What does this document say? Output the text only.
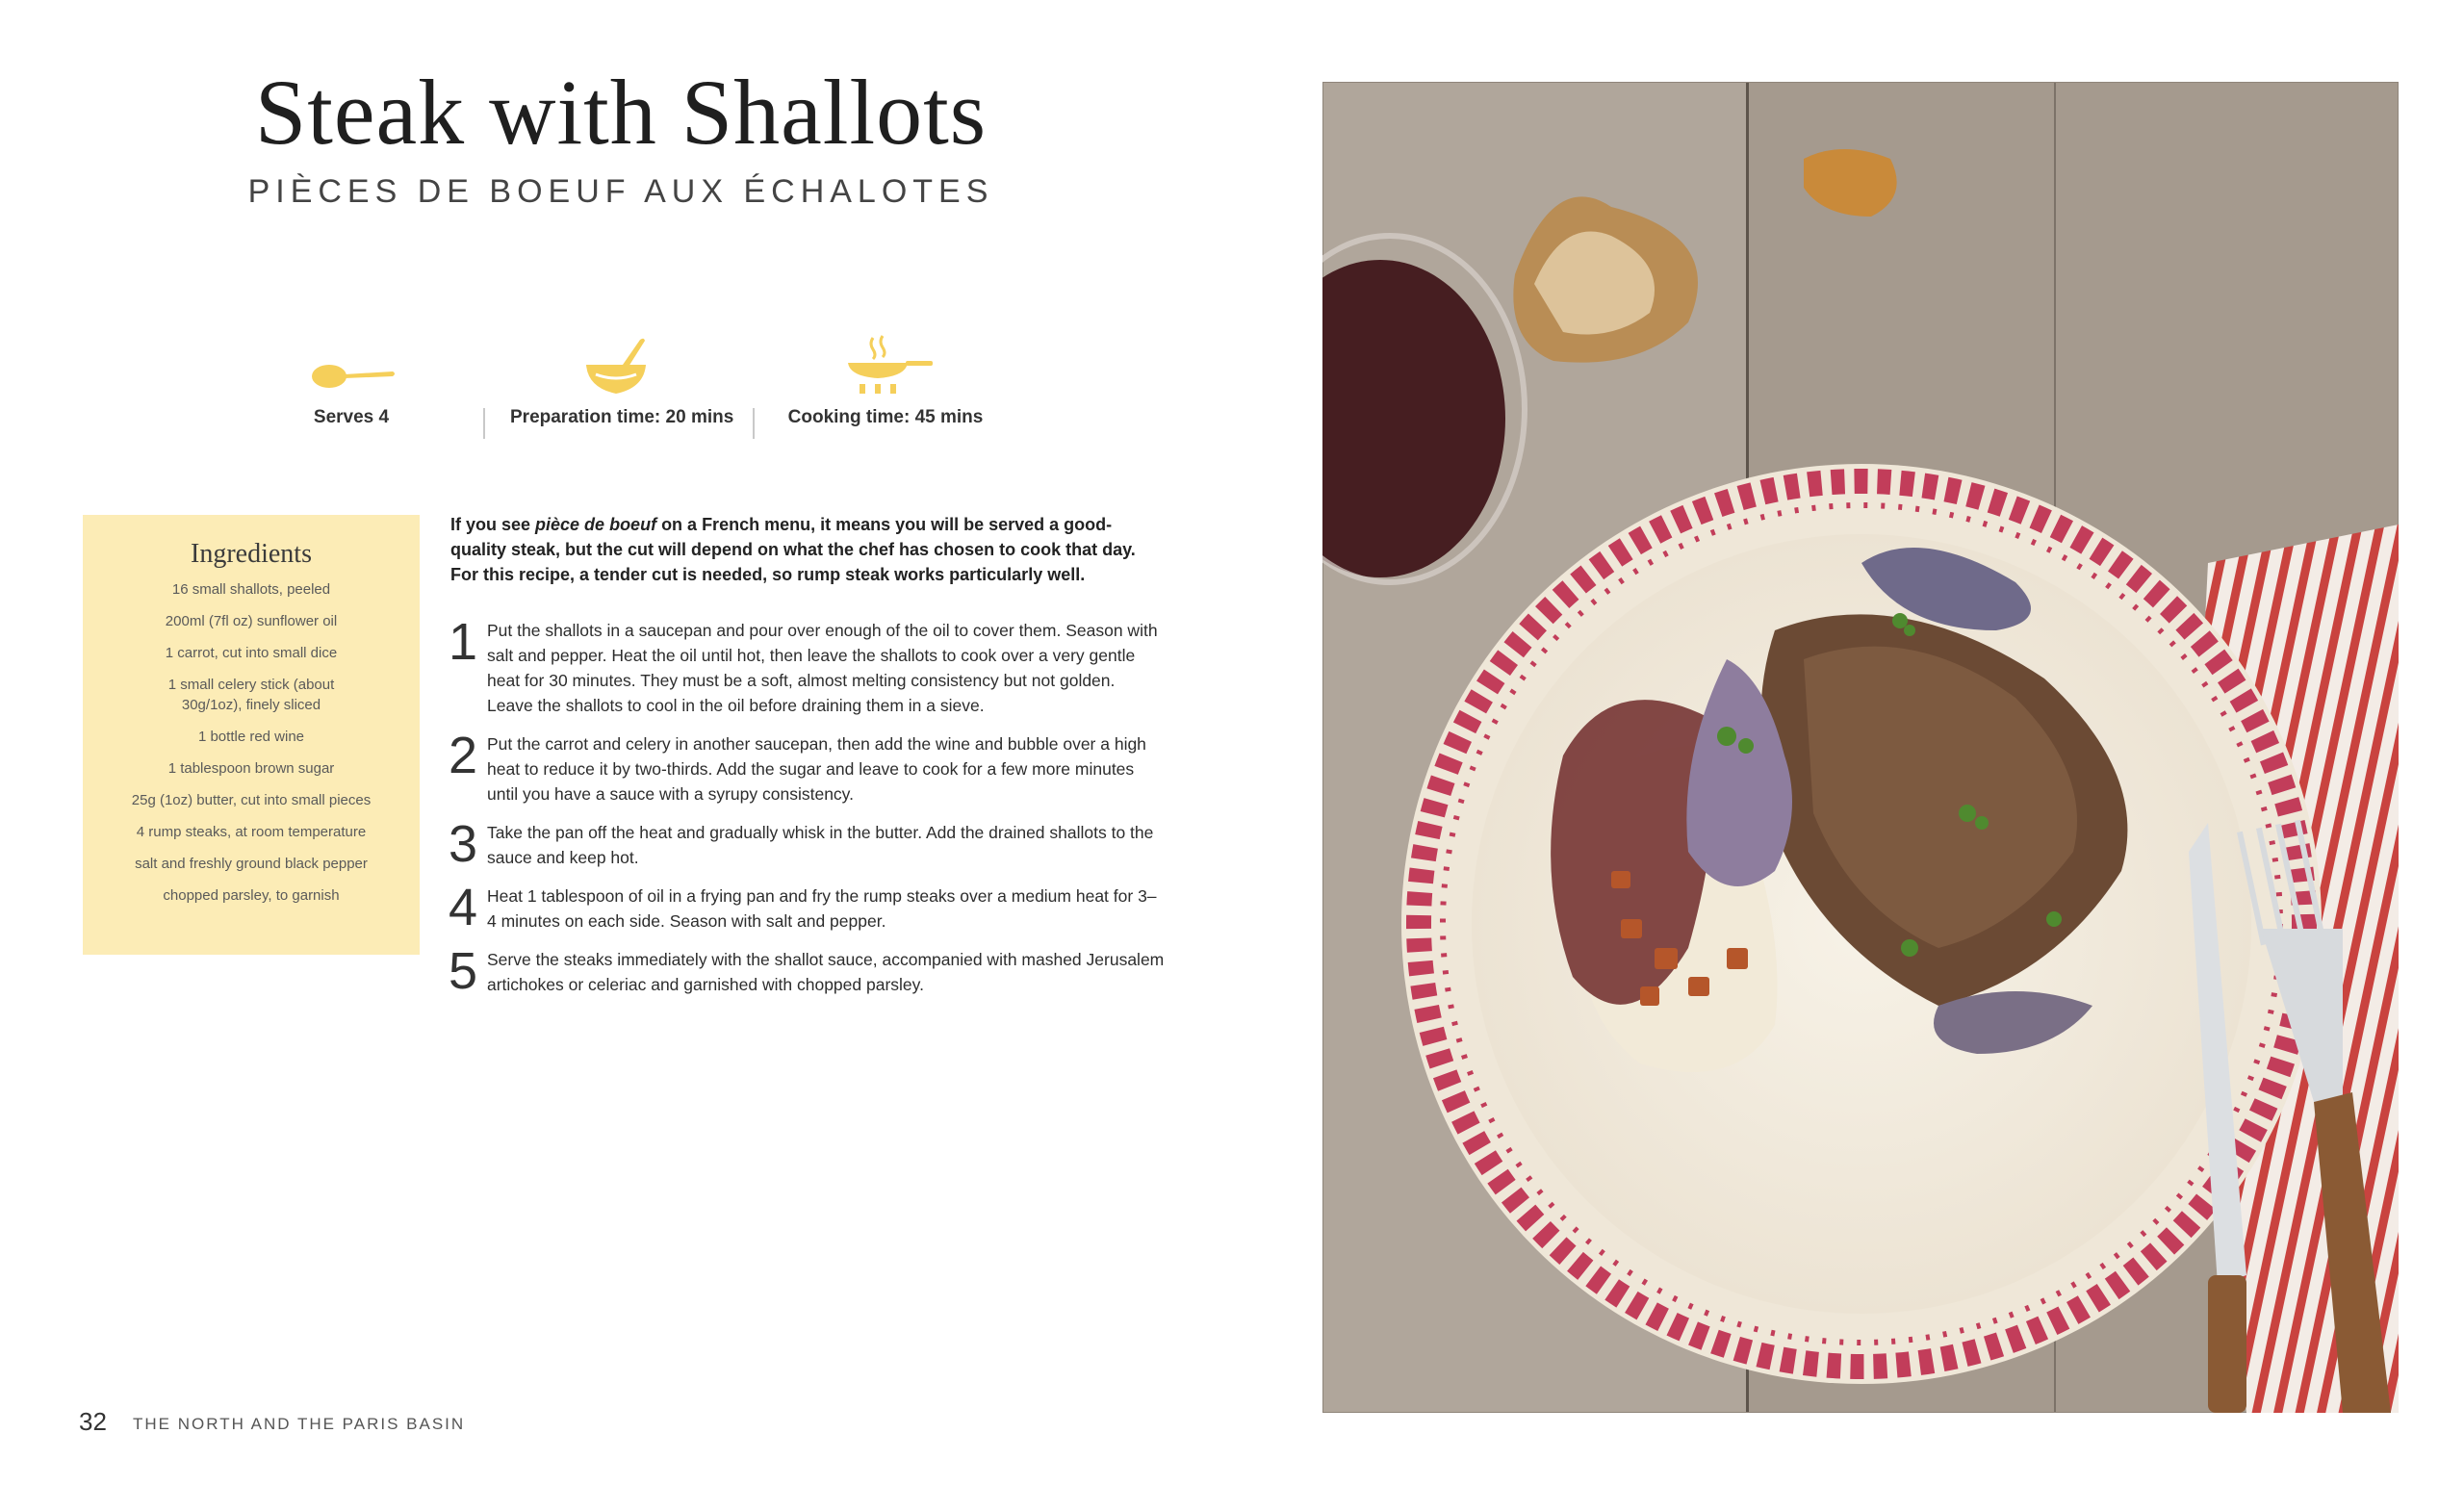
Steak with Shallots
PIÈCES DE BOEUF AUX ÉCHALOTES
Serves 4	Preparation time: 20 mins	Cooking time: 45 mins
Ingredients
16 small shallots, peeled
200ml (7fl oz) sunflower oil
1 carrot, cut into small dice
1 small celery stick (about 30g/1oz), finely sliced
1 bottle red wine
1 tablespoon brown sugar
25g (1oz) butter, cut into small pieces
4 rump steaks, at room temperature
salt and freshly ground black pepper
chopped parsley, to garnish
If you see pièce de boeuf on a French menu, it means you will be served a good-quality steak, but the cut will depend on what the chef has chosen to cook that day. For this recipe, a tender cut is needed, so rump steak works particularly well.
1 Put the shallots in a saucepan and pour over enough of the oil to cover them. Season with salt and pepper. Heat the oil until hot, then leave the shallots to cook over a very gentle heat for 30 minutes. They must be a soft, almost melting consistency but not golden. Leave the shallots to cool in the oil before draining them in a sieve.
2 Put the carrot and celery in another saucepan, then add the wine and bubble over a high heat to reduce it by two-thirds. Add the sugar and leave to cook for a few more minutes until you have a sauce with a syrupy consistency.
3 Take the pan off the heat and gradually whisk in the butter. Add the drained shallots to the sauce and keep hot.
4 Heat 1 tablespoon of oil in a frying pan and fry the rump steaks over a medium heat for 3–4 minutes on each side. Season with salt and pepper.
5 Serve the steaks immediately with the shallot sauce, accompanied with mashed Jerusalem artichokes or celeriac and garnished with chopped parsley.
32 THE NORTH AND THE PARIS BASIN
